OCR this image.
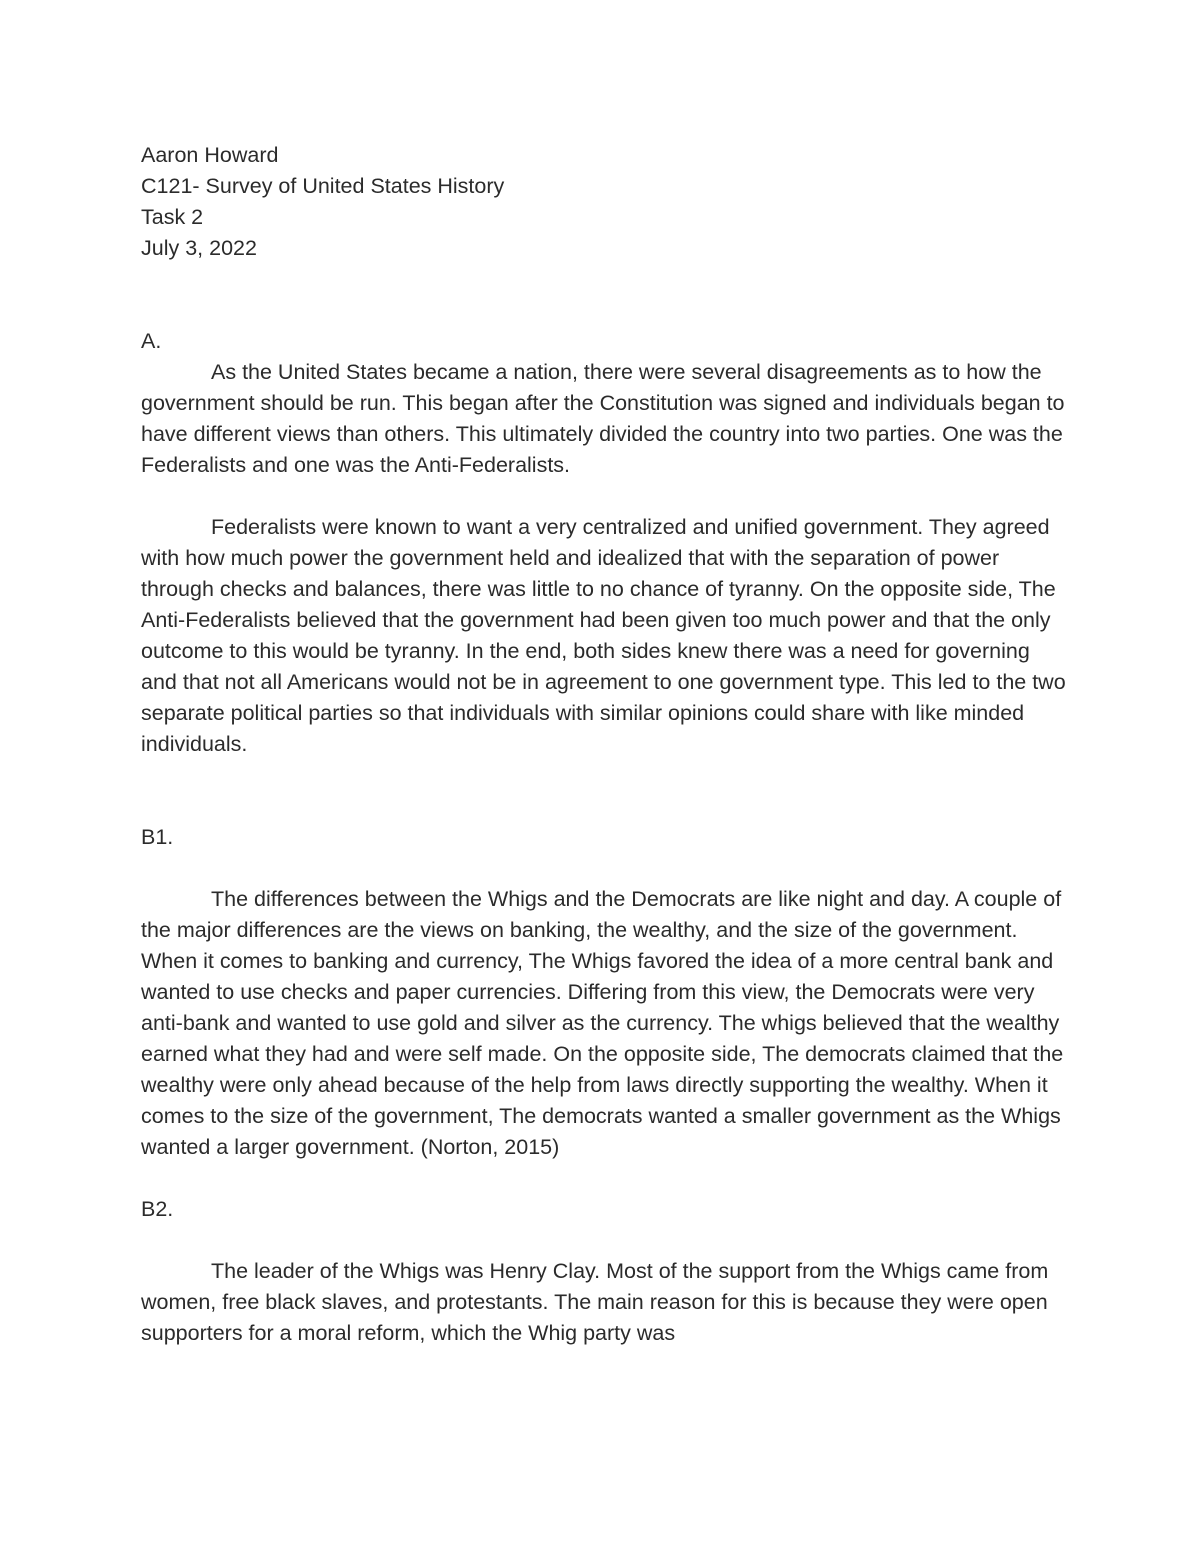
Aaron Howard

C121- Survey of United States History

Task 2

July 3, 2022

A.

As the United States became a nation, there were several disagreements as to how the government should be run. This began after the Constitution was signed and individuals began to have different views than others. This ultimately divided the country into two parties. One was the Federalists and one was the Anti-Federalists.

Federalists were known to want a very centralized and unified government. They agreed with how much power the government held and idealized that with the separation of power through checks and balances, there was little to no chance of tyranny. On the opposite side, The Anti-Federalists believed that the government had been given too much power and that the only outcome to this would be tyranny. In the end, both sides knew there was a need for governing and that not all Americans would not be in agreement to one government type. This led to the two separate political parties so that individuals with similar opinions could share with like minded individuals.

B1.

The differences between the Whigs and the Democrats are like night and day. A couple of the major differences are the views on banking, the wealthy, and the size of the government. When it comes to banking and currency, The Whigs favored the idea of a more central bank and wanted to use checks and paper currencies. Differing from this view, the Democrats were very anti-bank and wanted to use gold and silver as the currency. The whigs believed that the wealthy earned what they had and were self made. On the opposite side, The democrats claimed that the wealthy were only ahead because of the help from laws directly supporting the wealthy. When it comes to the size of the government, The democrats wanted a smaller government as the Whigs wanted a larger government. (Norton, 2015)

B2.

The leader of the Whigs was Henry Clay. Most of the support from the Whigs came from women, free black slaves, and protestants. The main reason for this is because they were open supporters for a moral reform, which the Whig party was
